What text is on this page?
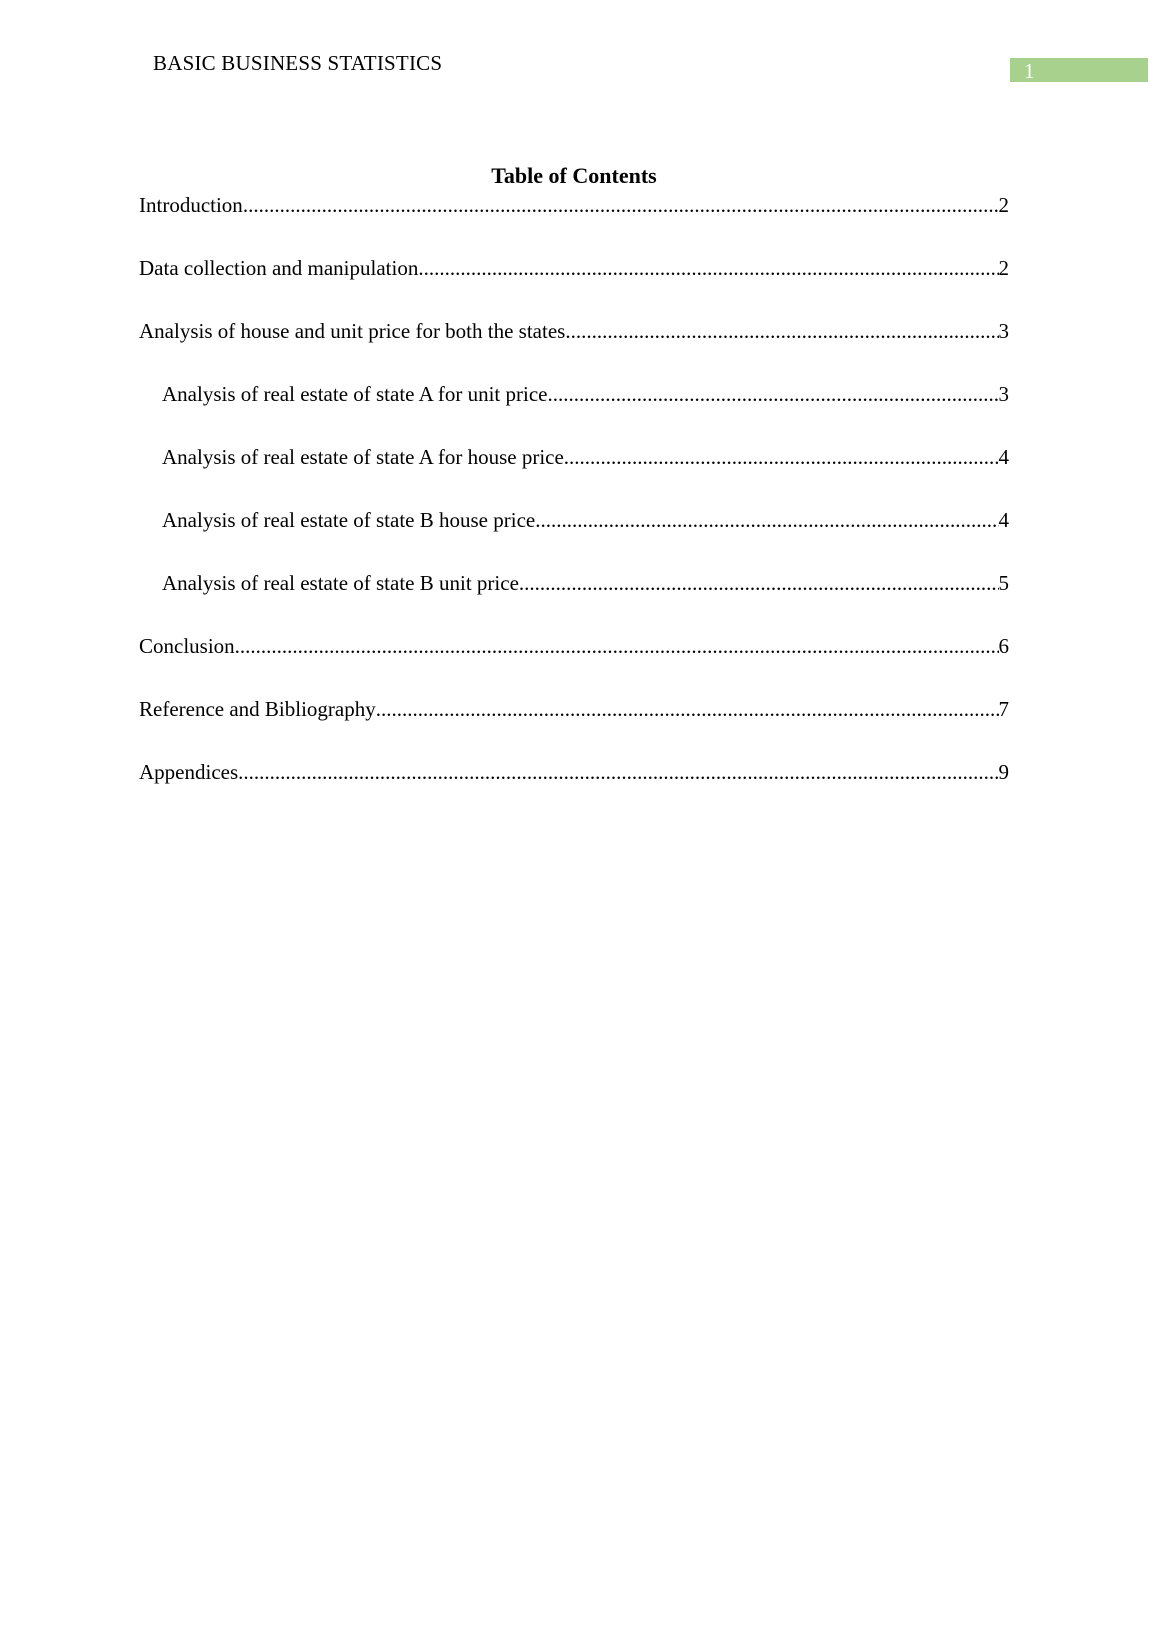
BASIC BUSINESS STATISTICS	1
Table of Contents
Introduction .....	2
Data collection and manipulation .....	2
Analysis of house and unit price for both the states .....	3
Analysis of real estate of state A for unit price .....	3
Analysis of real estate of state A for house price .....	4
Analysis of real estate of state B house price .....	4
Analysis of real estate of state B unit price .....	5
Conclusion .....	6
Reference and Bibliography .....	7
Appendices .....	9
